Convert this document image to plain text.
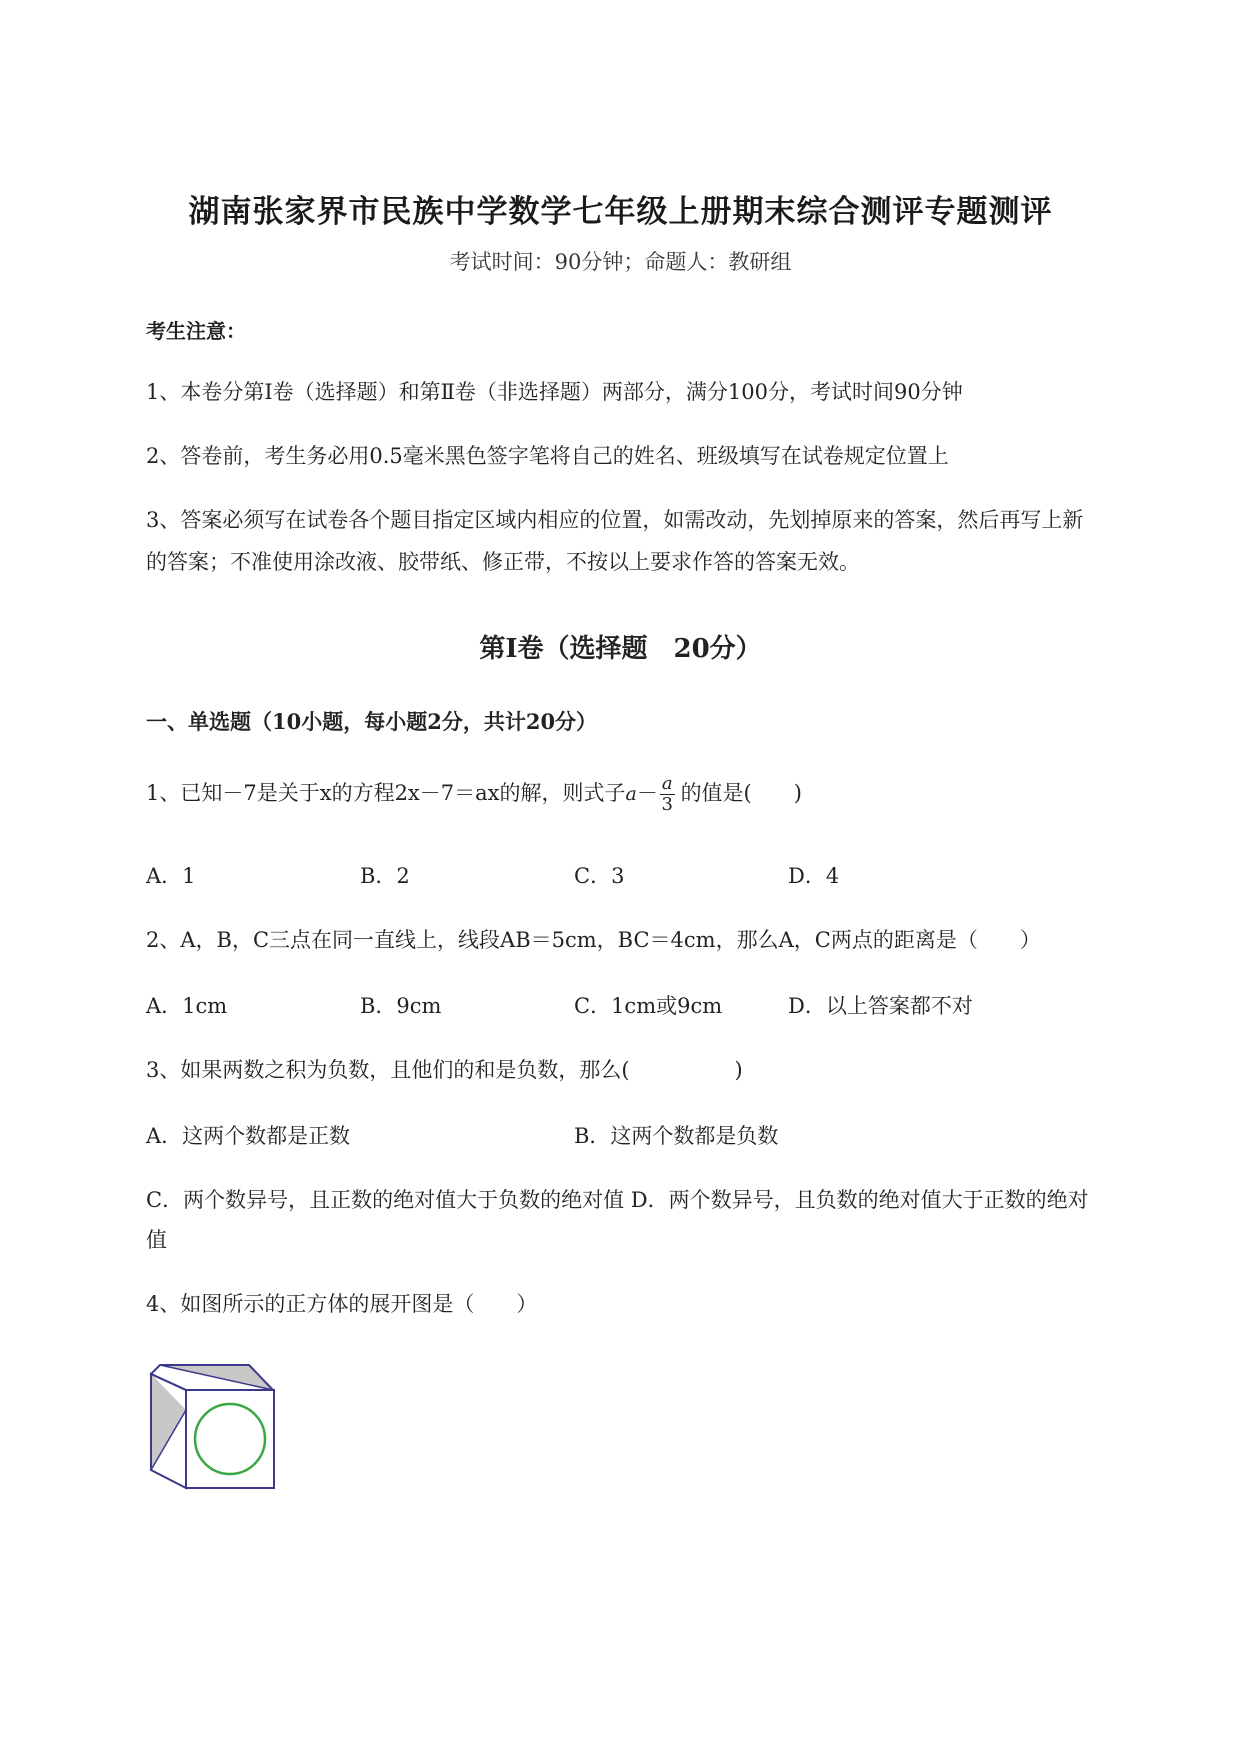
湖南张家界市民族中学数学七年级上册期末综合测评专题测评
考试时间：90分钟；命题人：教研组
考生注意：
1、本卷分第I卷（选择题）和第Ⅱ卷（非选择题）两部分，满分100分，考试时间90分钟
2、答卷前，考生务必用0.5毫米黑色签字笔将自己的姓名、班级填写在试卷规定位置上
3、答案必须写在试卷各个题目指定区域内相应的位置，如需改动，先划掉原来的答案，然后再写上新
的答案；不准使用涂改液、胶带纸、修正带，不按以上要求作答的答案无效。
第I卷（选择题　20分）
一、单选题（10小题，每小题2分，共计20分）
1、已知－7是关于x的方程2x－7＝ax的解，则式子$a- \frac{a}{3}$ 的值是(　　)
A．1	B．2	C．3	D．4
2、A，B，C三点在同一直线上，线段AB＝5cm，BC＝4cm，那么A，C两点的距离是（　　）
A．1cm	B．9cm	C．1cm或9cm	D．以上答案都不对
3、如果两数之积为负数，且他们的和是负数，那么(　　　　　)
A．这两个数都是正数	B．这两个数都是负数
C．两个数异号，且正数的绝对值大于负数的绝对值 D．两个数异号，且负数的绝对值大于正数的绝对
值
4、如图所示的正方体的展开图是（　　）
